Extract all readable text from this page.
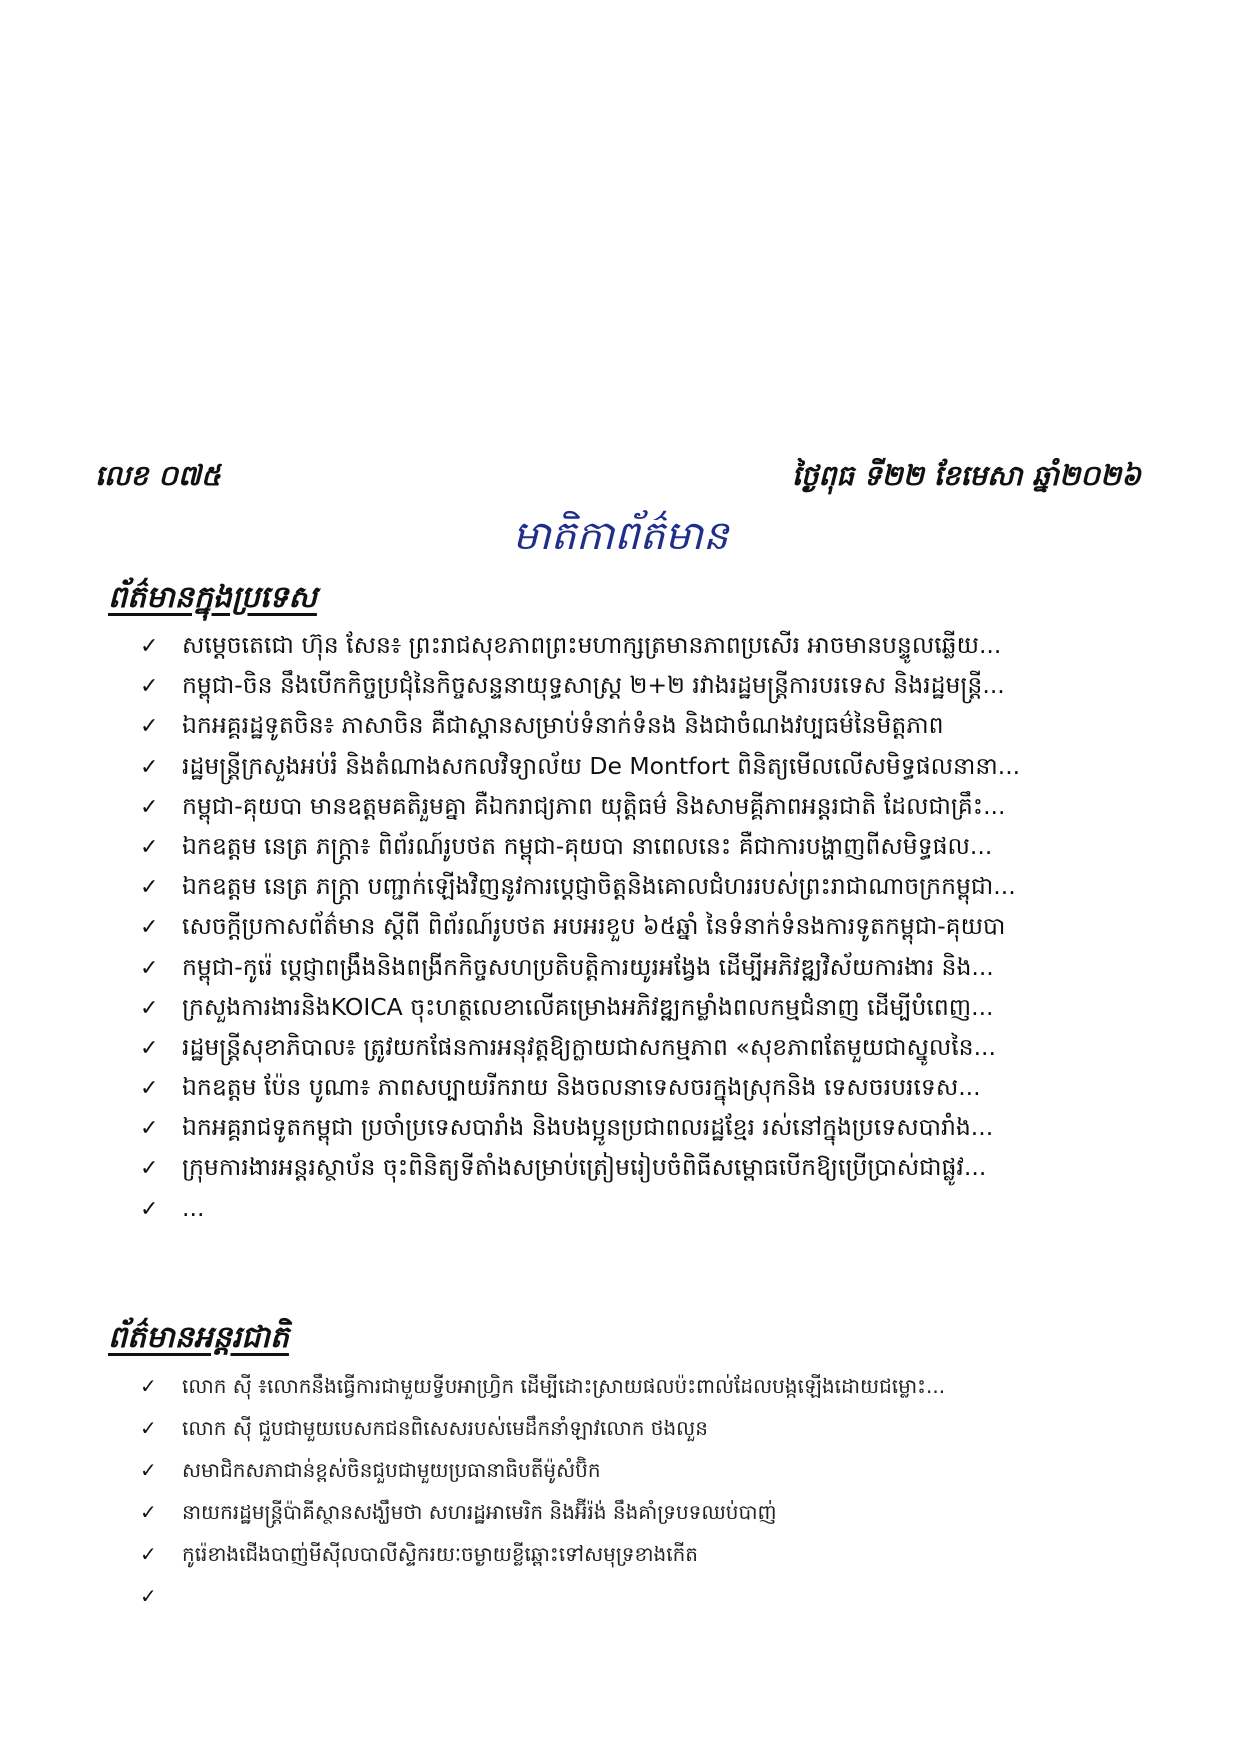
លេខ ០៧៥	ថ្ងៃពុធ ទី២២ ខែមេសា ឆ្នាំ២០២៦
មាតិកាព័ត៌មាន
ព័ត៌មានក្នុងប្រទេស
✓	សម្តេចតេជោ ហ៊ុន សែន៖ ព្រះរាជសុខភាពព្រះមហាក្សត្រមានភាពប្រសើរ អាចមានបន្ទូលឆ្លើយ...
✓	កម្ពុជា-ចិន នឹងបើកកិច្ចប្រជុំនៃកិច្ចសន្ទនាយុទ្ធសាស្រ្ត ២+២ រវាងរដ្ឋមន្ត្រីការបរទេស និងរដ្ឋមន្ត្រី...
✓	ឯកអគ្គរដ្ឋទូតចិន៖ ភាសាចិន គឺជាស្ពានសម្រាប់ទំនាក់ទំនង និងជាចំណងវប្បធម៌នៃមិត្តភាព
✓	រដ្ឋមន្ត្រីក្រសួងអប់រំ និងតំណាងសកលវិទ្យាល័យ De Montfort ពិនិត្យមើលលើសមិទ្ធផលនានា...
✓	កម្ពុជា-គុយបា មានឧត្តមគតិរួមគ្នា គឺឯករាជ្យភាព យុត្តិធម៌ និងសាមគ្គីភាពអន្តរជាតិ ដែលជាគ្រឹះ...
✓	ឯកឧត្តម នេត្រ ភក្ត្រា៖ ពិព័រណ៍រូបថត កម្ពុជា-គុយបា នាពេលនេះ គឺជាការបង្ហាញពីសមិទ្ធផល...
✓	ឯកឧត្តម នេត្រ ភក្ត្រា បញ្ជាក់ឡើងវិញនូវការប្តេជ្ញាចិត្តនិងគោលជំហររបស់ព្រះរាជាណាចក្រកម្ពុជា...
✓	សេចក្តីប្រកាសព័ត៌មាន ស្តីពី ពិព័រណ៍រូបថត អបអរខួប ៦៥ឆ្នាំ នៃទំនាក់ទំនងការទូតកម្ពុជា-គុយបា
✓	កម្ពុជា-កូរ៉េ ប្តេជ្ញាពង្រឹងនិងពង្រីកកិច្ចសហប្រតិបត្តិការយូរអង្វែង ដើម្បីអភិវឌ្ឍវិស័យការងារ និង...
✓	ក្រសួងការងារនិងKOICA ចុះហត្ថលេខាលើគម្រោងអភិវឌ្ឍកម្លាំងពលកម្មជំនាញ ដើម្បីបំពេញ...
✓	រដ្ឋមន្ត្រីសុខាភិបាល៖ ត្រូវយកផែនការអនុវត្តឱ្យក្លាយជាសកម្មភាព «សុខភាពតែមួយជាស្នូលនៃ...
✓	ឯកឧត្តម ប៉ែន បូណា៖ ភាពសប្បាយរីករាយ និងចលនាទេសចរក្នុងស្រុកនិង ទេសចរបរទេស...
✓	ឯកអគ្គរាជទូតកម្ពុជា ប្រចាំប្រទេសបារាំង និងបងប្អូនប្រជាពលរដ្ឋខ្មែរ រស់នៅក្នុងប្រទេសបារាំង...
✓	ក្រុមការងារអន្តរស្ថាប័ន ចុះពិនិត្យទីតាំងសម្រាប់ត្រៀមរៀបចំពិធីសម្ពោធបើកឱ្យប្រើប្រាស់ជាផ្លូវ...
✓	...
ព័ត៌មានអន្តរជាតិ
✓	លោក ស៊ី ៖លោកនឹងធ្វើការជាមួយទ្វីបអាហ្រ្វិក ដើម្បីដោះស្រាយផលប៉ះពាល់ដែលបង្កឡើងដោយជម្លោះ...
✓	លោក ស៊ី ជួបជាមួយបេសកជនពិសេសរបស់មេដឹកនាំឡាវលោក ថងលួន
✓	សមាជិកសភាជាន់ខ្ពស់ចិនជួបជាមួយប្រធានាធិបតីម៉ូសំប៊ិក
✓	នាយករដ្ឋមន្ត្រីប៉ាគីស្ថានសង្ឃឹមថា សហរដ្ឋអាមេរិក និងអ៊ីរ៉ង់ នឹងគាំទ្របទឈប់បាញ់
✓	កូរ៉េខាងជើងបាញ់មីស៊ីលបាលីស្ទិករយៈចម្ងាយខ្លីឆ្ពោះទៅសមុទ្រខាងកើត
✓
